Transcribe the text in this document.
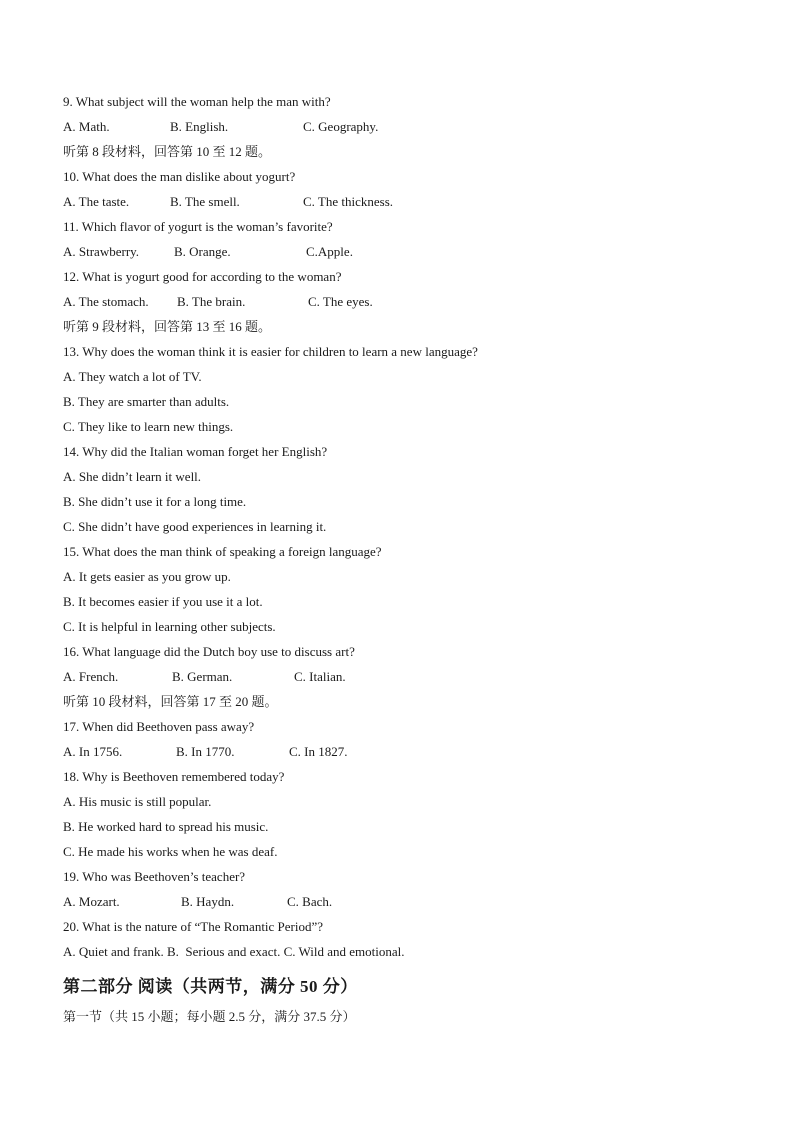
9. What subject will the woman help the man with?
A. Math.	B. English.	C. Geography.
听第 8 段材料，回答第 10 至 12 题。
10. What does the man dislike about yogurt?
A. The taste.	B. The smell.	C. The thickness.
11. Which flavor of yogurt is the woman’s favorite?
A. Strawberry.	B. Orange.	C.Apple.
12. What is yogurt good for according to the woman?
A. The stomach.	B. The brain.	C. The eyes.
听第 9 段材料，回答第 13 至 16 题。
13. Why does the woman think it is easier for children to learn a new language?
A. They watch a lot of TV.
B. They are smarter than adults.
C. They like to learn new things.
14. Why did the Italian woman forget her English?
A. She didn’t learn it well.
B. She didn’t use it for a long time.
C. She didn’t have good experiences in learning it.
15. What does the man think of speaking a foreign language?
A. It gets easier as you grow up.
B. It becomes easier if you use it a lot.
C. It is helpful in learning other subjects.
16. What language did the Dutch boy use to discuss art?
A. French.	B. German.	C. Italian.
听第 10 段材料，回答第 17 至 20 题。
17. When did Beethoven pass away?
A. In 1756.	B. In 1770.	C. In 1827.
18. Why is Beethoven remembered today?
A. His music is still popular.
B. He worked hard to spread his music.
C. He made his works when he was deaf.
19. Who was Beethoven’s teacher?
A. Mozart.	B. Haydn.	C. Bach.
20. What is the nature of “The Romantic Period”?
A. Quiet and frank. B.  Serious and exact. C. Wild and emotional.
第二部分 阅读（共两节，满分 50 分）
第一节（共 15 小题；每小题 2.5 分，满分 37.5 分）
